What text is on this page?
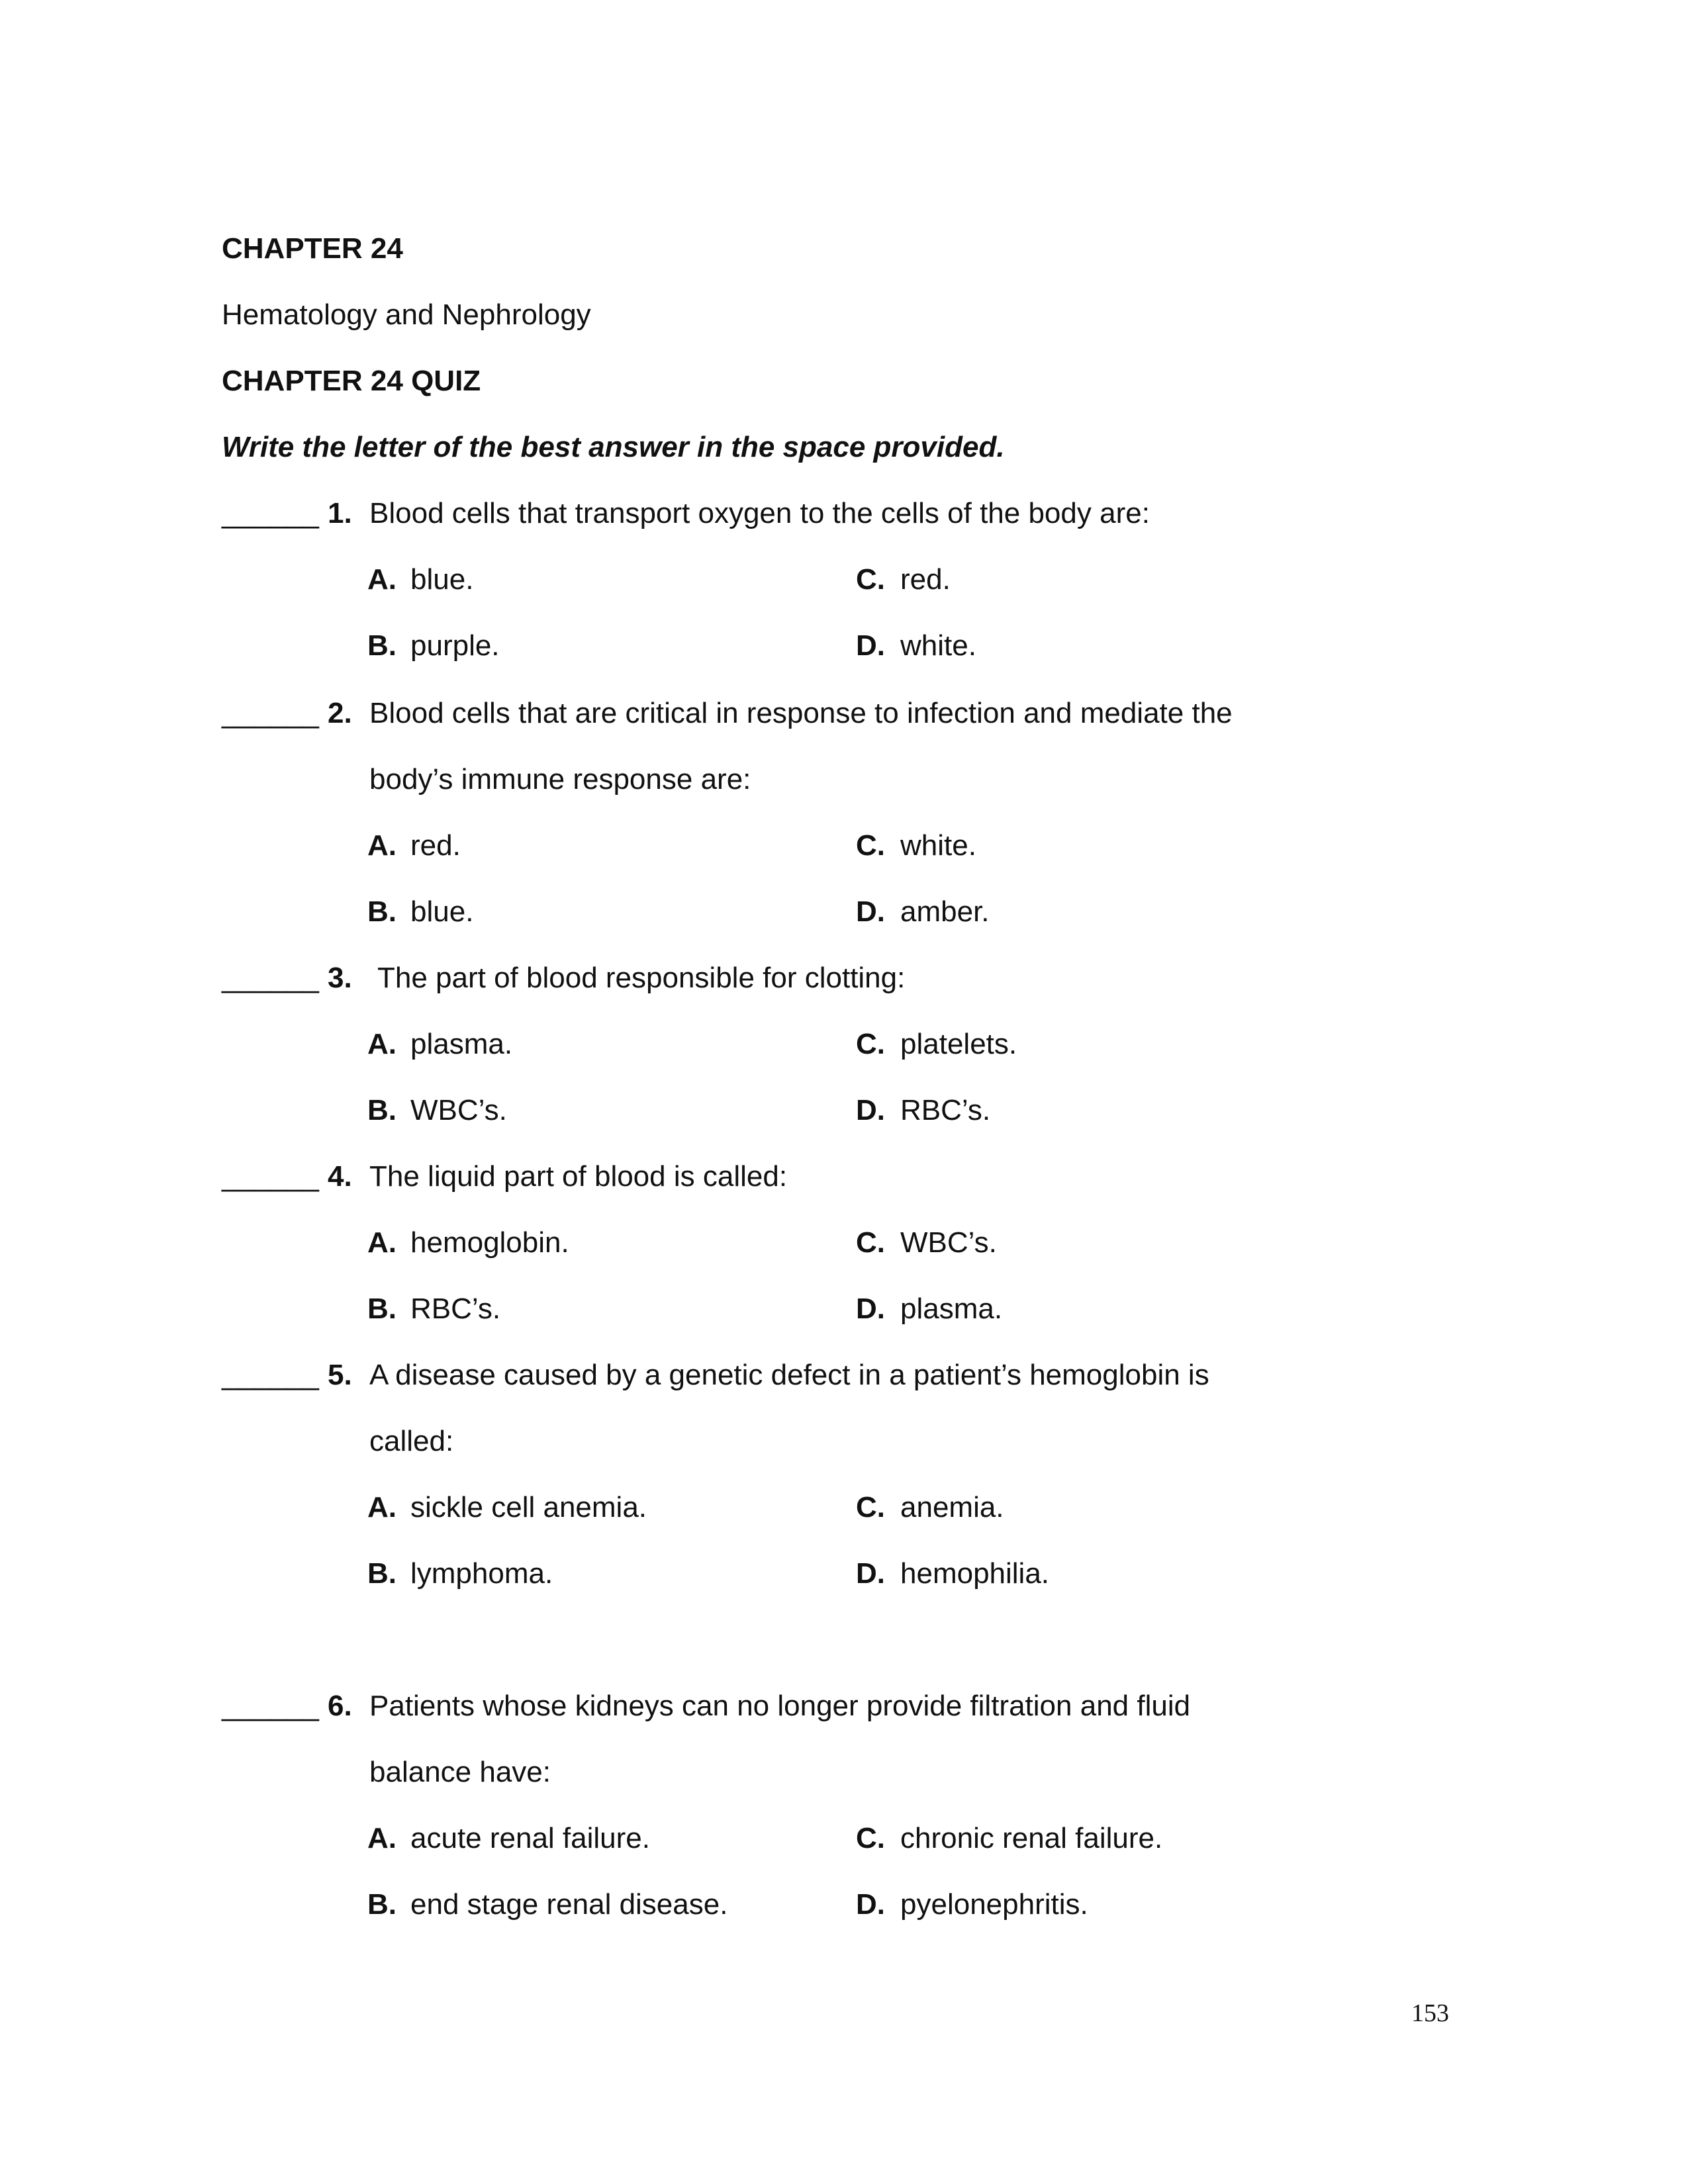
CHAPTER 24
Hematology and Nephrology
CHAPTER 24 QUIZ
Write the letter of the best answer in the space provided.
______ 1. Blood cells that transport oxygen to the cells of the body are:
A. blue.	C. red.
B. purple.	D. white.
______ 2. Blood cells that are critical in response to infection and mediate the
body’s immune response are:
A. red.	C. white.
B. blue.	D. amber.
______ 3. The part of blood responsible for clotting:
A. plasma.	C. platelets.
B. WBC’s.	D. RBC’s.
______ 4. The liquid part of blood is called:
A. hemoglobin.	C. WBC’s.
B. RBC’s.	D. plasma.
______ 5. A disease caused by a genetic defect in a patient’s hemoglobin is
called:
A. sickle cell anemia.	C. anemia.
B. lymphoma.	D. hemophilia.
______ 6. Patients whose kidneys can no longer provide filtration and fluid
balance have:
A. acute renal failure.	C. chronic renal failure.
B. end stage renal disease.	D. pyelonephritis.
153
